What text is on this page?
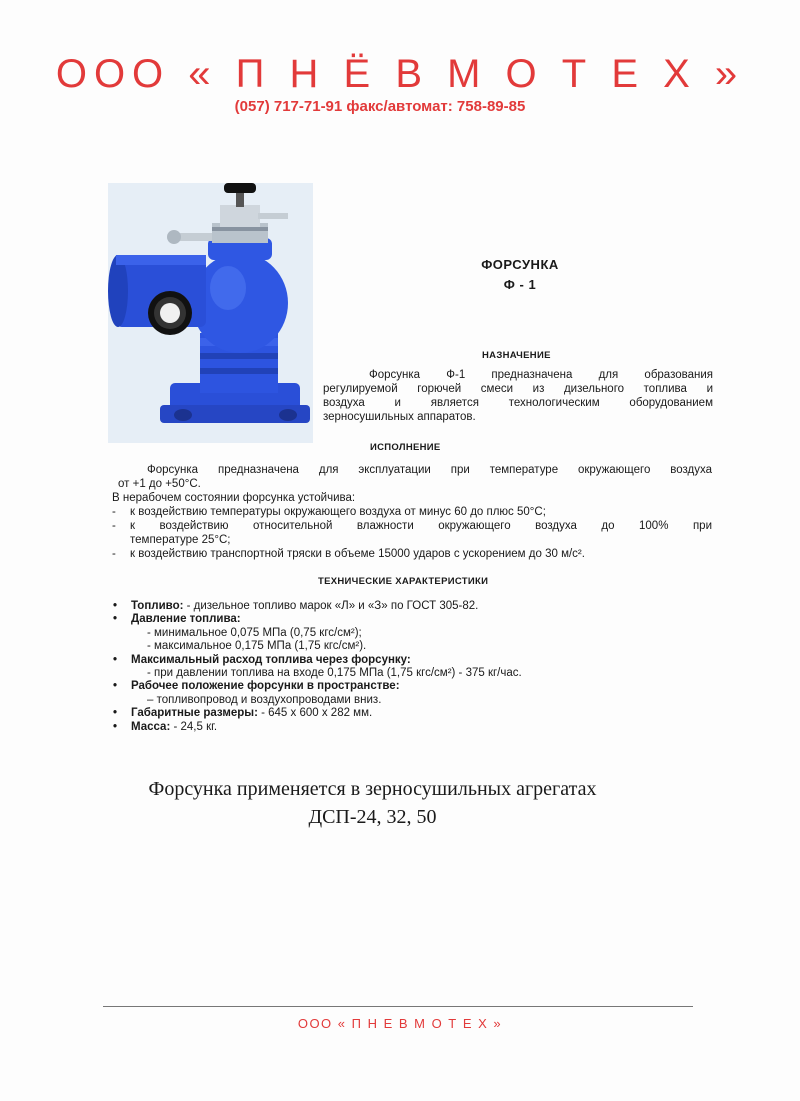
ООО « П Н Ё В М О Т Е Х »
(057) 717-71-91 факс/автомат: 758-89-85
ФОРСУНКА
Ф - 1
НАЗНАЧЕНИЕ

Форсунка Ф-1 предназначена для образования

регулируемой горючей смеси из дизельного топлива и

воздуха и является технологическим оборудованием

зерносушильных аппаратов.

ИСПОЛНЕНИЕ

Форсунка предназначена для эксплуатации при температуре окружающего воздуха

от +1 до +50°С.

В нерабочем состоянии форсунка устойчива:

-	к воздействию температуры окружающего воздуха от минус 60 до плюс 50°С;
-	к воздействию относительной влажности окружающего воздуха до 100% при
температуре 25°С;
-	к воздействию транспортной тряски в объеме 15000 ударов с ускорением до 30 м/с².
ТЕХНИЧЕСКИЕ ХАРАКТЕРИСТИКИ
•	Топливо: - дизельное топливо марок «Л» и «З» по ГОСТ 305-82.
•	Давление топлива:
- минимальное 0,075 МПа (0,75 кгс/см²);
- максимальное 0,175 МПа (1,75 кгс/см²).
•	Максимальный расход топлива через форсунку:
- при давлении топлива на входе 0,175 МПа (1,75 кгс/см²) - 375 кг/час.
•	Рабочее положение форсунки в пространстве:
– топливопровод и воздухопроводами вниз.
•	Габаритные размеры: - 645 х 600 х 282 мм.
•	Масса: - 24,5 кг.
Форсунка применяется в зерносушильных агрегатах
ДСП-24, 32, 50
ООО « П Н Е В М О Т Е Х »
